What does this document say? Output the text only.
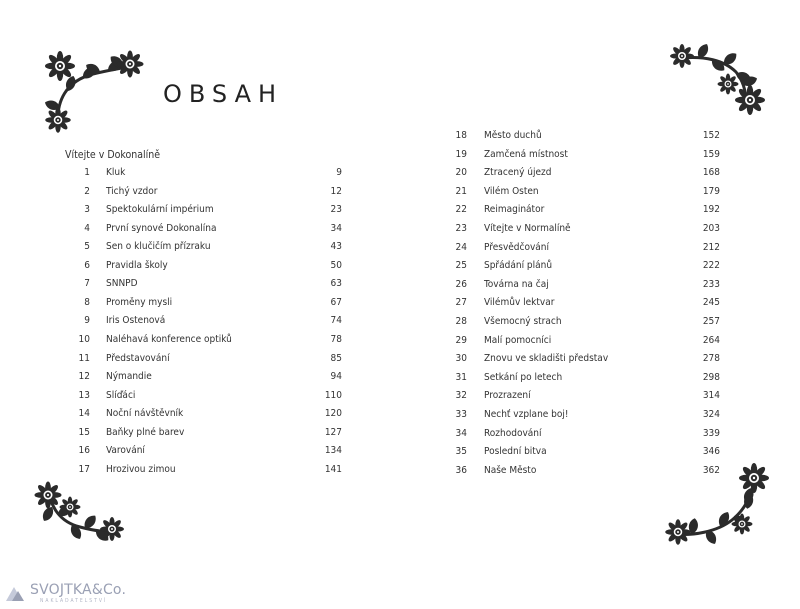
OBSAH
Vítejte v Dokonalíně
1 Kluk	9
2 Tichý vzdor	12
3 Spektokulární impérium	23
4 První synové Dokonalína	34
5 Sen o klučičím přízraku	43
6 Pravidla školy	50
7 SNNPD	63
8 Proměny mysli	67
9 Iris Ostenová	74
10 Naléhavá konference optiků	78
11 Představování	85
12 Nýmandie	94
13 Slíďáci	110
14 Noční návštěvník	120
15 Baňky plné barev	127
16 Varování	134
17 Hrozivou zimou	141
18 Město duchů	152
19 Zamčená místnost	159
20 Ztracený újezd	168
21 Vilém Osten	179
22 Reimaginátor	192
23 Vítejte v Normalíně	203
24 Přesvědčování	212
25 Spřádání plánů	222
26 Továrna na čaj	233
27 Vilémův lektvar	245
28 Všemocný strach	257
29 Malí pomocníci	264
30 Znovu ve skladišti představ	278
31 Setkání po letech	298
32 Prozrazení	314
33 Nechť vzplane boj!	324
34 Rozhodování	339
35 Poslední bitva	346
36 Naše Město	362
SVOJTKA&Co.
NAKLADATELSTVÍ
